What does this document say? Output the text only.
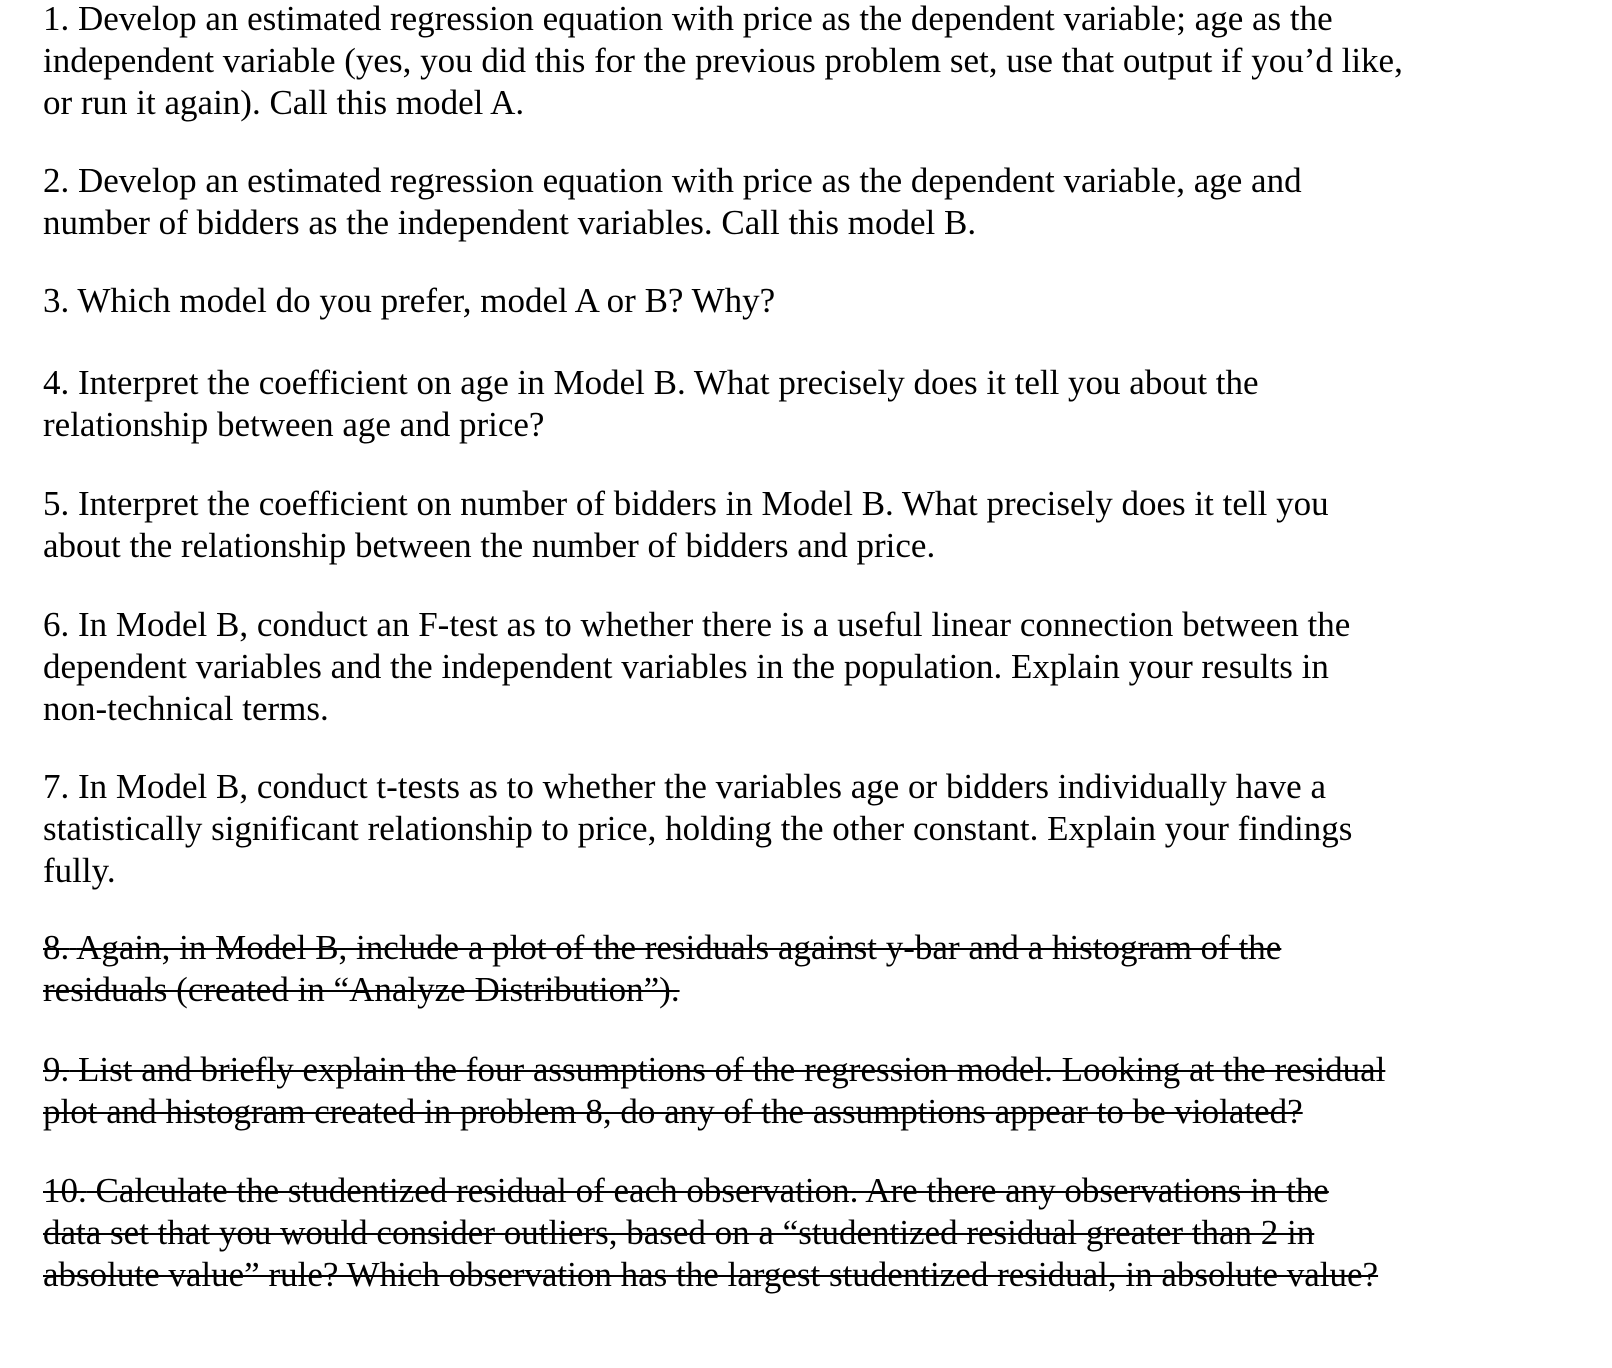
1. Develop an estimated regression equation with price as the dependent variable; age as the
independent variable (yes, you did this for the previous problem set, use that output if you’d like,
or run it again). Call this model A.

2. Develop an estimated regression equation with price as the dependent variable, age and
number of bidders as the independent variables. Call this model B.

3. Which model do you prefer, model A or B? Why?

4. Interpret the coefficient on age in Model B. What precisely does it tell you about the
relationship between age and price?

5. Interpret the coefficient on number of bidders in Model B. What precisely does it tell you
about the relationship between the number of bidders and price.

6. In Model B, conduct an F-test as to whether there is a useful linear connection between the
dependent variables and the independent variables in the population. Explain your results in
non-technical terms.

7. In Model B, conduct t-tests as to whether the variables age or bidders individually have a
statistically significant relationship to price, holding the other constant. Explain your findings
fully.

8. Again, in Model B, include a plot of the residuals against y-bar and a histogram of the
residuals (created in “Analyze Distribution”).

9. List and briefly explain the four assumptions of the regression model. Looking at the residual
plot and histogram created in problem 8, do any of the assumptions appear to be violated?

10. Calculate the studentized residual of each observation. Are there any observations in the
data set that you would consider outliers, based on a “studentized residual greater than 2 in
absolute value” rule? Which observation has the largest studentized residual, in absolute value?
